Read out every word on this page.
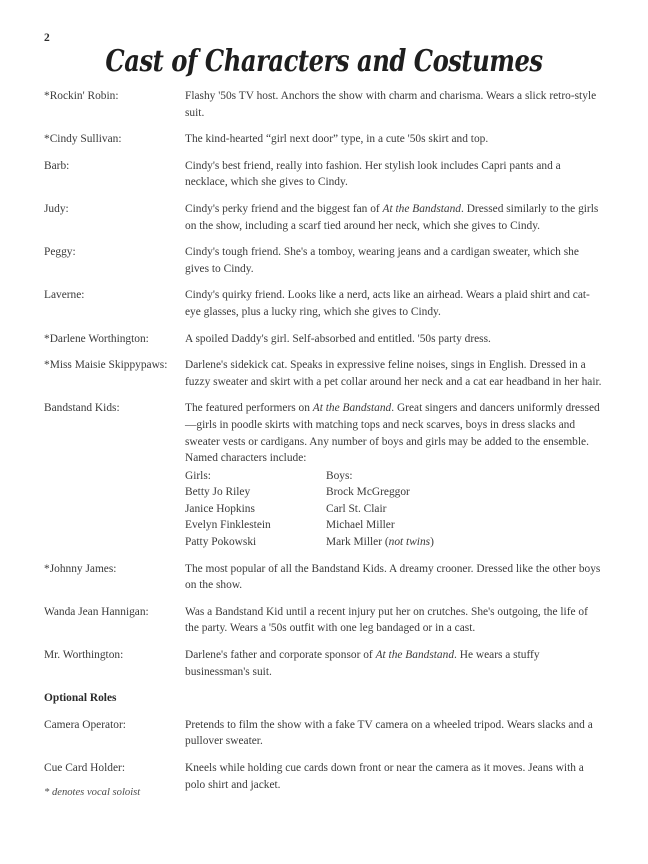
2
Cast of Characters and Costumes
*Rockin' Robin:	Flashy '50s TV host. Anchors the show with charm and charisma. Wears a slick retro-style suit.
*Cindy Sullivan:	The kind-hearted “girl next door” type, in a cute '50s skirt and top.
Barb:	Cindy's best friend, really into fashion. Her stylish look includes Capri pants and a necklace, which she gives to Cindy.
Judy:	Cindy's perky friend and the biggest fan of At the Bandstand. Dressed similarly to the girls on the show, including a scarf tied around her neck, which she gives to Cindy.
Peggy:	Cindy's tough friend. She's a tomboy, wearing jeans and a cardigan sweater, which she gives to Cindy.
Laverne:	Cindy's quirky friend. Looks like a nerd, acts like an airhead. Wears a plaid shirt and cat-eye glasses, plus a lucky ring, which she gives to Cindy.
*Darlene Worthington:	A spoiled Daddy's girl. Self-absorbed and entitled. '50s party dress.
*Miss Maisie Skippypaws:	Darlene's sidekick cat. Speaks in expressive feline noises, sings in English. Dressed in a fuzzy sweater and skirt with a pet collar around her neck and a cat ear headband in her hair.
Bandstand Kids:	The featured performers on At the Bandstand. Great singers and dancers uniformly dressed—girls in poodle skirts with matching tops and neck scarves, boys in dress slacks and sweater vests or cardigans. Any number of boys and girls may be added to the ensemble. Named characters include:
Girls:	Boys:
Betty Jo Riley	Brock McGreggor
Janice Hopkins	Carl St. Clair
Evelyn Finklestein	Michael Miller
Patty Pokowski	Mark Miller (not twins)
*Johnny James:	The most popular of all the Bandstand Kids. A dreamy crooner. Dressed like the other boys on the show.
Wanda Jean Hannigan:	Was a Bandstand Kid until a recent injury put her on crutches. She's outgoing, the life of the party. Wears a '50s outfit with one leg bandaged or in a cast.
Mr. Worthington:	Darlene's father and corporate sponsor of At the Bandstand. He wears a stuffy businessman's suit.
Optional Roles
Camera Operator:	Pretends to film the show with a fake TV camera on a wheeled tripod. Wears slacks and a pullover sweater.
Cue Card Holder:	Kneels while holding cue cards down front or near the camera as it moves. Jeans with a polo shirt and jacket.
* denotes vocal soloist
